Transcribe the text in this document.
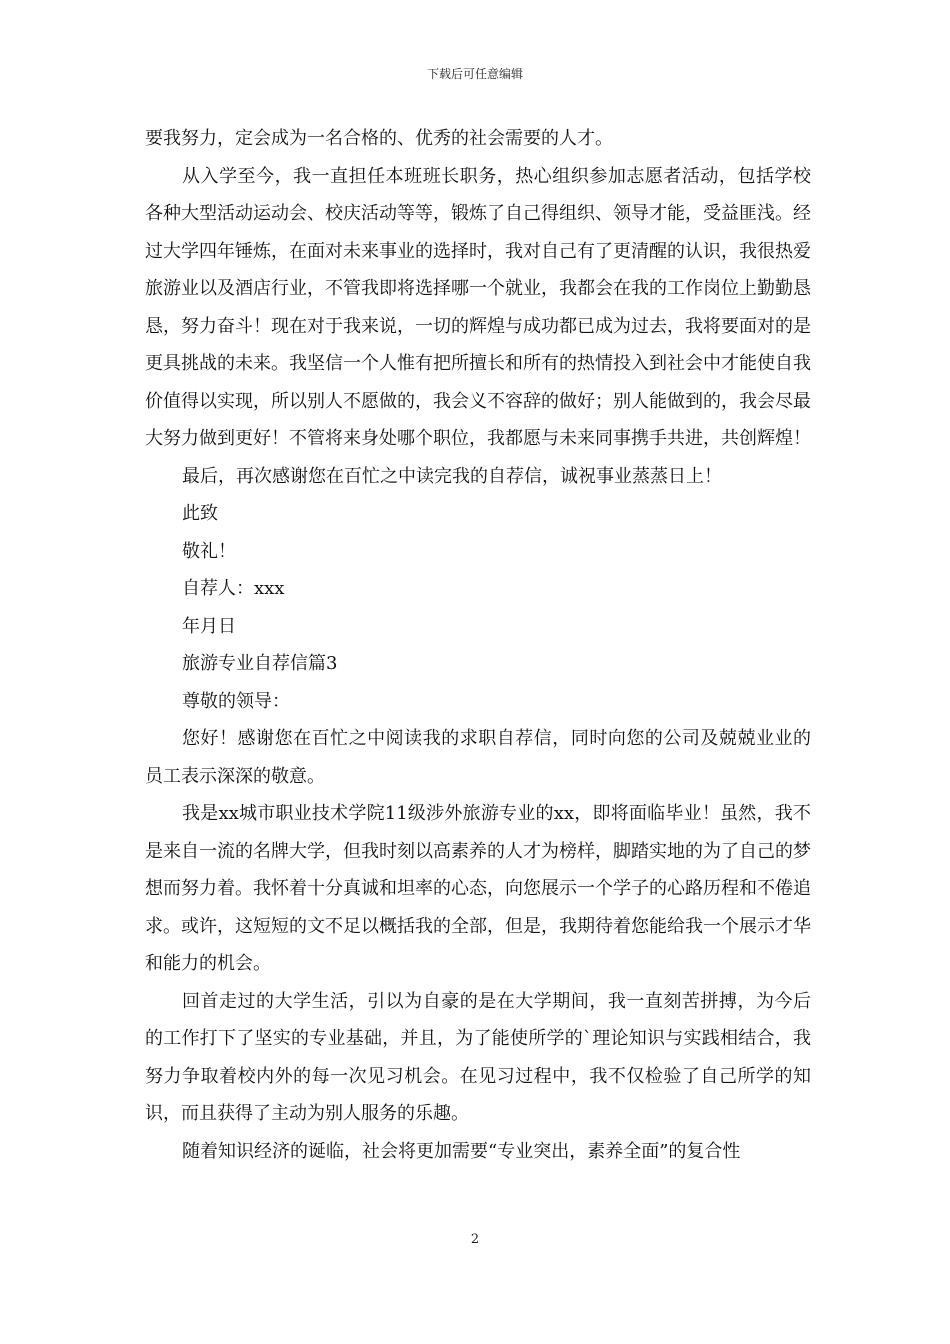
下载后可任意编辑

要我努力，定会成为一名合格的、优秀的社会需要的人才。

从入学至今，我一直担任本班班长职务，热心组织参加志愿者活动，包括学校各种大型活动运动会、校庆活动等等，锻炼了自己得组织、领导才能，受益匪浅。经过大学四年锤炼，在面对未来事业的选择时，我对自己有了更清醒的认识，我很热爱旅游业以及酒店行业，不管我即将选择哪一个就业，我都会在我的工作岗位上勤勤恳恳，努力奋斗！现在对于我来说，一切的辉煌与成功都已成为过去，我将要面对的是更具挑战的未来。我坚信一个人惟有把所擅长和所有的热情投入到社会中才能使自我价值得以实现，所以别人不愿做的，我会义不容辞的做好；别人能做到的，我会尽最大努力做到更好！不管将来身处哪个职位，我都愿与未来同事携手共进，共创辉煌！

最后，再次感谢您在百忙之中读完我的自荐信，诚祝事业蒸蒸日上！

此致

敬礼！

自荐人：xxx

年月日

旅游专业自荐信篇3

尊敬的领导：

您好！感谢您在百忙之中阅读我的求职自荐信，同时向您的公司及兢兢业业的员工表示深深的敬意。

我是xx城市职业技术学院11级涉外旅游专业的xx，即将面临毕业！虽然，我不是来自一流的名牌大学，但我时刻以高素养的人才为榜样，脚踏实地的为了自己的梦想而努力着。我怀着十分真诚和坦率的心态，向您展示一个学子的心路历程和不倦追求。或许，这短短的文不足以概括我的全部，但是，我期待着您能给我一个展示才华和能力的机会。

回首走过的大学生活，引以为自豪的是在大学期间，我一直刻苦拼搏，为今后的工作打下了坚实的专业基础，并且，为了能使所学的`理论知识与实践相结合，我努力争取着校内外的每一次见习机会。在见习过程中，我不仅检验了自己所学的知识，而且获得了主动为别人服务的乐趣。

随着知识经济的诞临，社会将更加需要“专业突出，素养全面”的复合性

2
